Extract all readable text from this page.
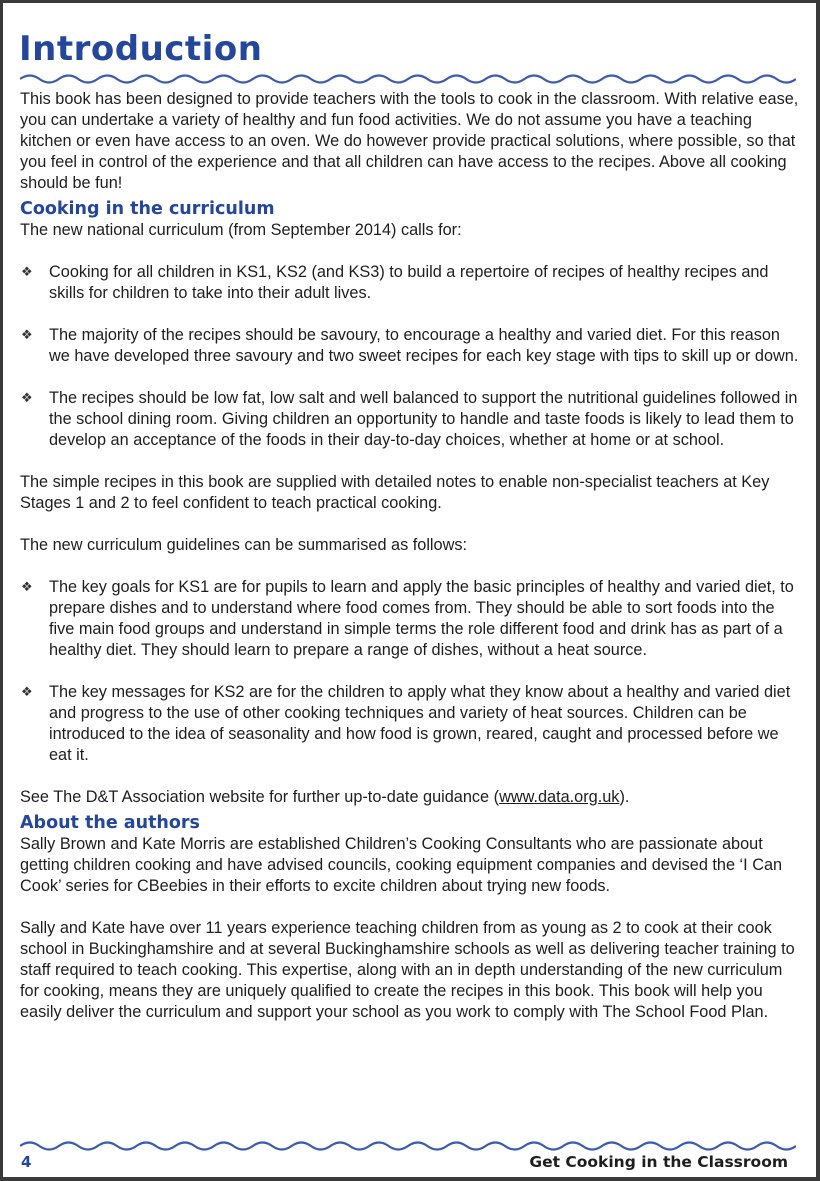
Introduction

This book has been designed to provide teachers with the tools to cook in the classroom. With relative ease, you can undertake a variety of healthy and fun food activities. We do not assume you have a teaching kitchen or even have access to an oven. We do however provide practical solutions, where possible, so that you feel in control of the experience and that all children can have access to the recipes. Above all cooking should be fun!

Cooking in the curriculum

The new national curriculum (from September 2014) calls for:

❖ Cooking for all children in KS1, KS2 (and KS3) to build a repertoire of recipes of healthy recipes and skills for children to take into their adult lives.
❖ The majority of the recipes should be savoury, to encourage a healthy and varied diet. For this reason we have developed three savoury and two sweet recipes for each key stage with tips to skill up or down.
❖ The recipes should be low fat, low salt and well balanced to support the nutritional guidelines followed in the school dining room. Giving children an opportunity to handle and taste foods is likely to lead them to develop an acceptance of the foods in their day-to-day choices, whether at home or at school.

The simple recipes in this book are supplied with detailed notes to enable non-specialist teachers at Key Stages 1 and 2 to feel confident to teach practical cooking.

The new curriculum guidelines can be summarised as follows:

❖ The key goals for KS1 are for pupils to learn and apply the basic principles of healthy and varied diet, to prepare dishes and to understand where food comes from. They should be able to sort foods into the five main food groups and understand in simple terms the role different food and drink has as part of a healthy diet. They should learn to prepare a range of dishes, without a heat source.
❖ The key messages for KS2 are for the children to apply what they know about a healthy and varied diet and progress to the use of other cooking techniques and variety of heat sources. Children can be introduced to the idea of seasonality and how food is grown, reared, caught and processed before we eat it.

See The D&T Association website for further up-to-date guidance (www.data.org.uk).

About the authors

Sally Brown and Kate Morris are established Children’s Cooking Consultants who are passionate about getting children cooking and have advised councils, cooking equipment companies and devised the ‘I Can Cook’ series for CBeebies in their efforts to excite children about trying new foods.

Sally and Kate have over 11 years experience teaching children from as young as 2 to cook at their cook school in Buckinghamshire and at several Buckinghamshire schools as well as delivering teacher training to staff required to teach cooking. This expertise, along with an in depth understanding of the new curriculum for cooking, means they are uniquely qualified to create the recipes in this book. This book will help you easily deliver the curriculum and support your school as you work to comply with The School Food Plan.

4	Get Cooking in the Classroom
